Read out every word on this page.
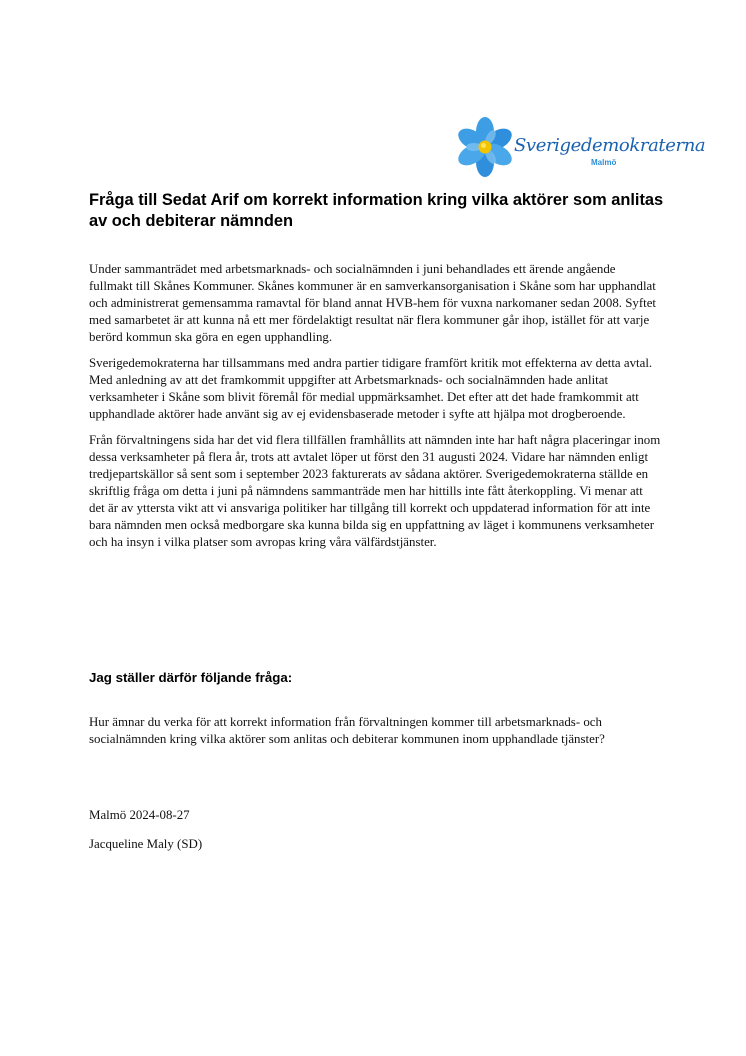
Sverigedemokraterna
Malmö
Fråga till Sedat Arif om korrekt information kring vilka aktörer som anlitas av och debiterar nämnden

Under sammanträdet med arbetsmarknads- och socialnämnden i juni behandlades ett ärende angående fullmakt till Skånes Kommuner. Skånes kommuner är en samverkansorganisation i Skåne som har upphandlat och administrerat gemensamma ramavtal för bland annat HVB-hem för vuxna narkomaner sedan 2008. Syftet med samarbetet är att kunna nå ett mer fördelaktigt resultat när flera kommuner går ihop, istället för att varje berörd kommun ska göra en egen upphandling.

Sverigedemokraterna har tillsammans med andra partier tidigare framfört kritik mot effekterna av detta avtal. Med anledning av att det framkommit uppgifter att Arbetsmarknads- och socialnämnden hade anlitat verksamheter i Skåne som blivit föremål för medial uppmärksamhet. Det efter att det hade framkommit att upphandlade aktörer hade använt sig av ej evidensbaserade metoder i syfte att hjälpa mot drogberoende.

Från förvaltningens sida har det vid flera tillfällen framhållits att nämnden inte har haft några placeringar inom dessa verksamheter på flera år, trots att avtalet löper ut först den 31 augusti 2024. Vidare har nämnden enligt tredjepartskällor så sent som i september 2023 fakturerats av sådana aktörer. Sverigedemokraterna ställde en skriftlig fråga om detta i juni på nämndens sammanträde men har hittills inte fått återkoppling. Vi menar att det är av yttersta vikt att vi ansvariga politiker har tillgång till korrekt och uppdaterad information för att inte bara nämnden men också medborgare ska kunna bilda sig en uppfattning av läget i kommunens verksamheter och ha insyn i vilka platser som avropas kring våra välfärdstjänster.

Jag ställer därför följande fråga:

Hur ämnar du verka för att korrekt information från förvaltningen kommer till arbetsmarknads- och socialnämnden kring vilka aktörer som anlitas och debiterar kommunen inom upphandlade tjänster?

Malmö 2024-08-27

Jacqueline Maly (SD)
